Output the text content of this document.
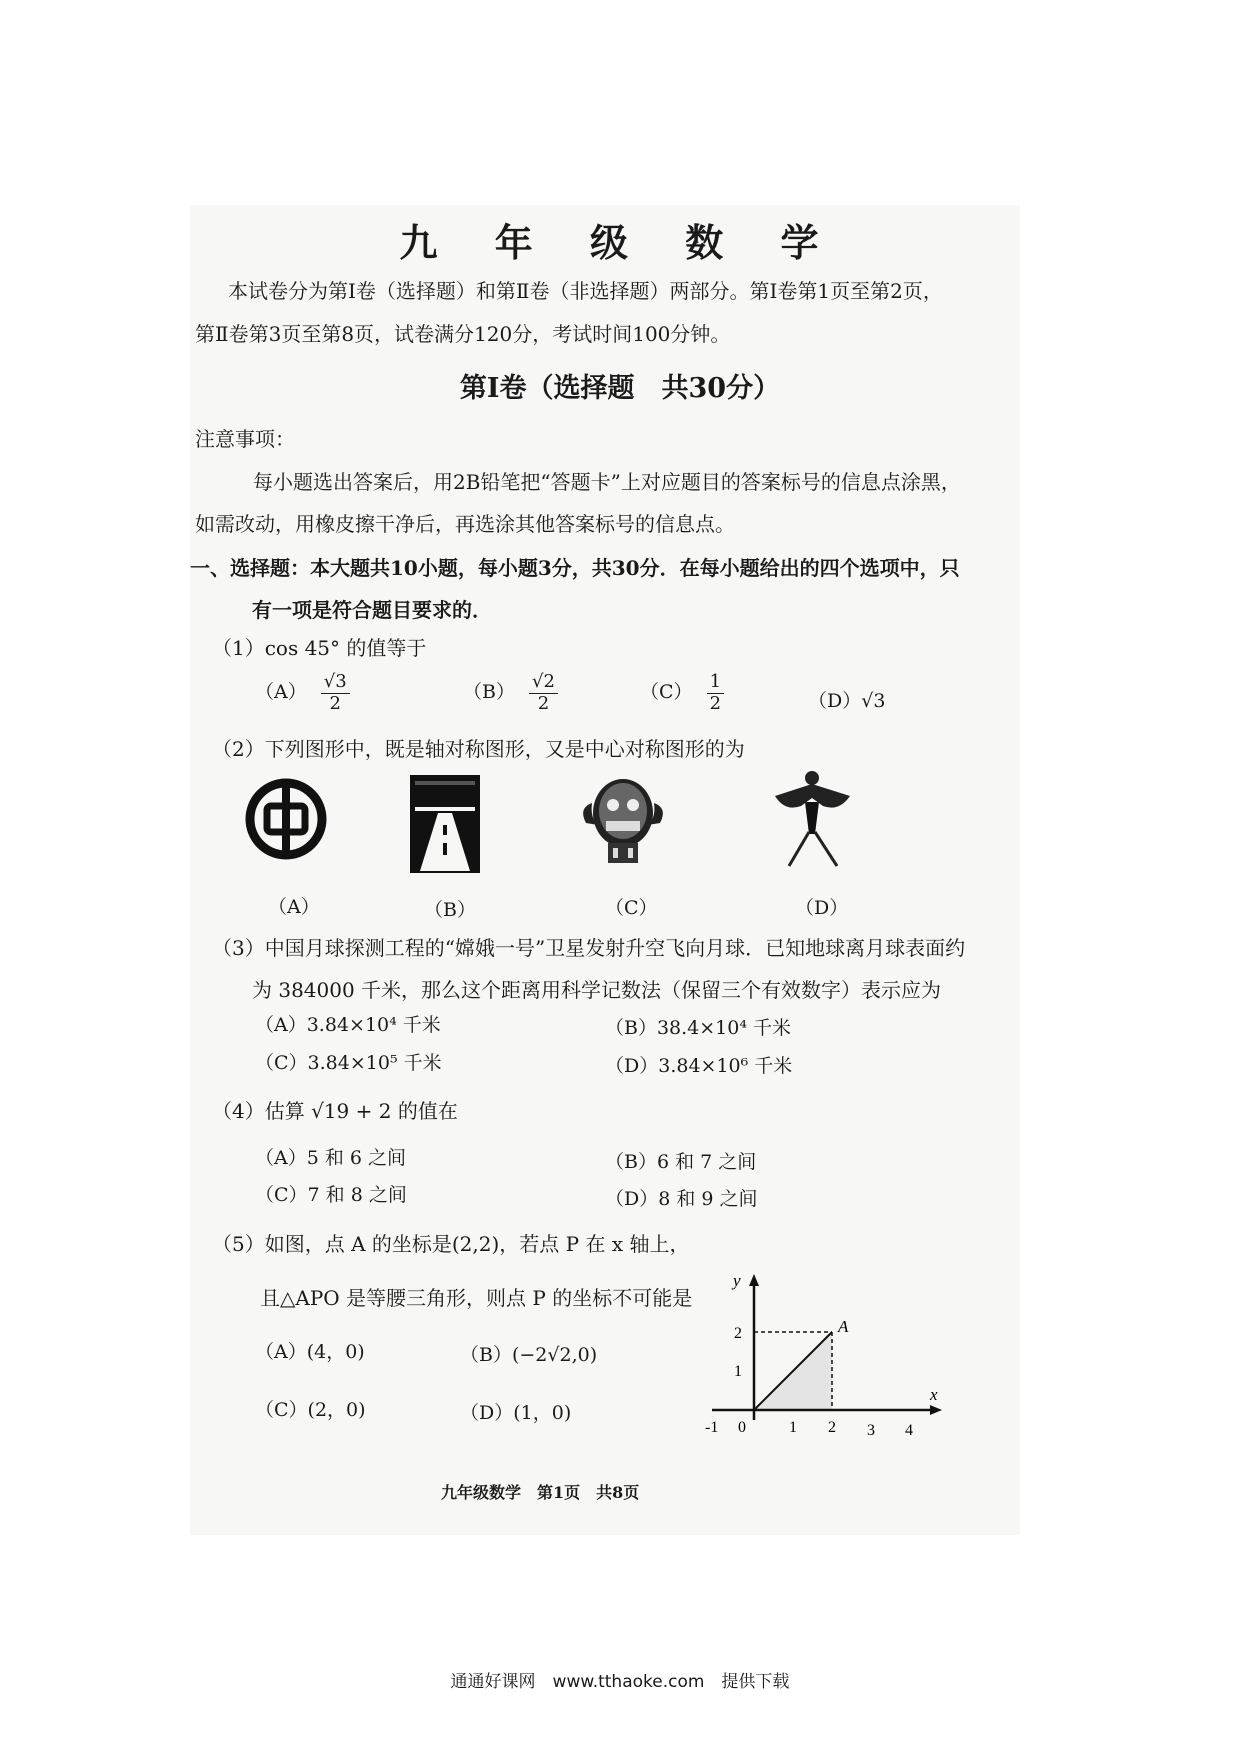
九 年 级 数 学
本试卷分为第Ⅰ卷（选择题）和第Ⅱ卷（非选择题）两部分。第Ⅰ卷第1页至第2页，
第Ⅱ卷第3页至第8页，试卷满分120分，考试时间100分钟。
第Ⅰ卷（选择题　共30分）
注意事项：
每小题选出答案后，用2B铅笔把“答题卡”上对应题目的答案标号的信息点涂黑，
如需改动，用橡皮擦干净后，再选涂其他答案标号的信息点。
一、选择题：本大题共10小题，每小题3分，共30分．在每小题给出的四个选项中，只
有一项是符合题目要求的．
（1）cos 45° 的值等于
$(A) \frac{√3}{2}$	$(B) \frac{√2}{2}$	$(C) \frac{1}{2}$	（D）√3
（2）下列图形中，既是轴对称图形，又是中心对称图形的为
（A）	（B）	（C）	（D）
（3）中国月球探测工程的“嫦娥一号”卫星发射升空飞向月球．已知地球离月球表面约
为 384000 千米，那么这个距离用科学记数法（保留三个有效数字）表示应为
（A）3.84×10⁴ 千米	（B）38.4×10⁴ 千米
（C）3.84×10⁵ 千米	（D）3.84×10⁶ 千米
（4）估算 √19 + 2 的值在
（A）5 和 6 之间	（B）6 和 7 之间
（C）7 和 8 之间	（D）8 和 9 之间
（5）如图，点 A 的坐标是(2,2)，若点 P 在 x 轴上，
且△APO 是等腰三角形，则点 P 的坐标不可能是
（A）(4，0)	（B）(−2√2,0)
（C）(2，0)	（D）(1，0)
y
x
A
0
-1	1 2 3 4
1
2
九年级数学　第1页　共8页
通通好课网　www.tthaoke.com　提供下载
